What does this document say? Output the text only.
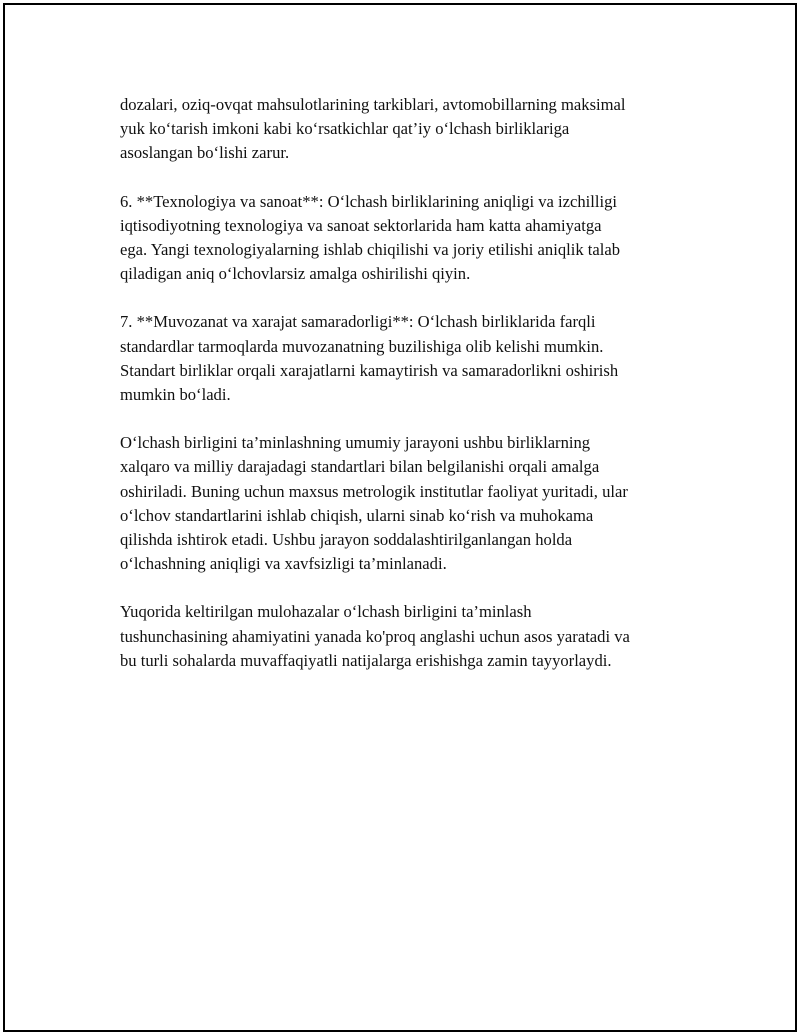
dozalari, oziq-ovqat mahsulotlarining tarkiblari, avtomobillarning maksimal
yuk ko‘tarish imkoni kabi ko‘rsatkichlar qat’iy o‘lchash birliklariga
asoslangan bo‘lishi zarur.

6. **Texnologiya va sanoat**: O‘lchash birliklarining aniqligi va izchilligi
iqtisodiyotning texnologiya va sanoat sektorlarida ham katta ahamiyatga
ega. Yangi texnologiyalarning ishlab chiqilishi va joriy etilishi aniqlik talab
qiladigan aniq o‘lchovlarsiz amalga oshirilishi qiyin.

7. **Muvozanat va xarajat samaradorligi**: O‘lchash birliklarida farqli
standardlar tarmoqlarda muvozanatning buzilishiga olib kelishi mumkin.
Standart birliklar orqali xarajatlarni kamaytirish va samaradorlikni oshirish
mumkin bo‘ladi.

O‘lchash birligini ta’minlashning umumiy jarayoni ushbu birliklarning
xalqaro va milliy darajadagi standartlari bilan belgilanishi orqali amalga
oshiriladi. Buning uchun maxsus metrologik institutlar faoliyat yuritadi, ular
o‘lchov standartlarini ishlab chiqish, ularni sinab ko‘rish va muhokama
qilishda ishtirok etadi. Ushbu jarayon soddalashtirilganlangan holda
o‘lchashning aniqligi va xavfsizligi ta’minlanadi.

Yuqorida keltirilgan mulohazalar o‘lchash birligini ta’minlash
tushunchasining ahamiyatini yanada ko'proq anglashi uchun asos yaratadi va
bu turli sohalarda muvaffaqiyatli natijalarga erishishga zamin tayyorlaydi.
